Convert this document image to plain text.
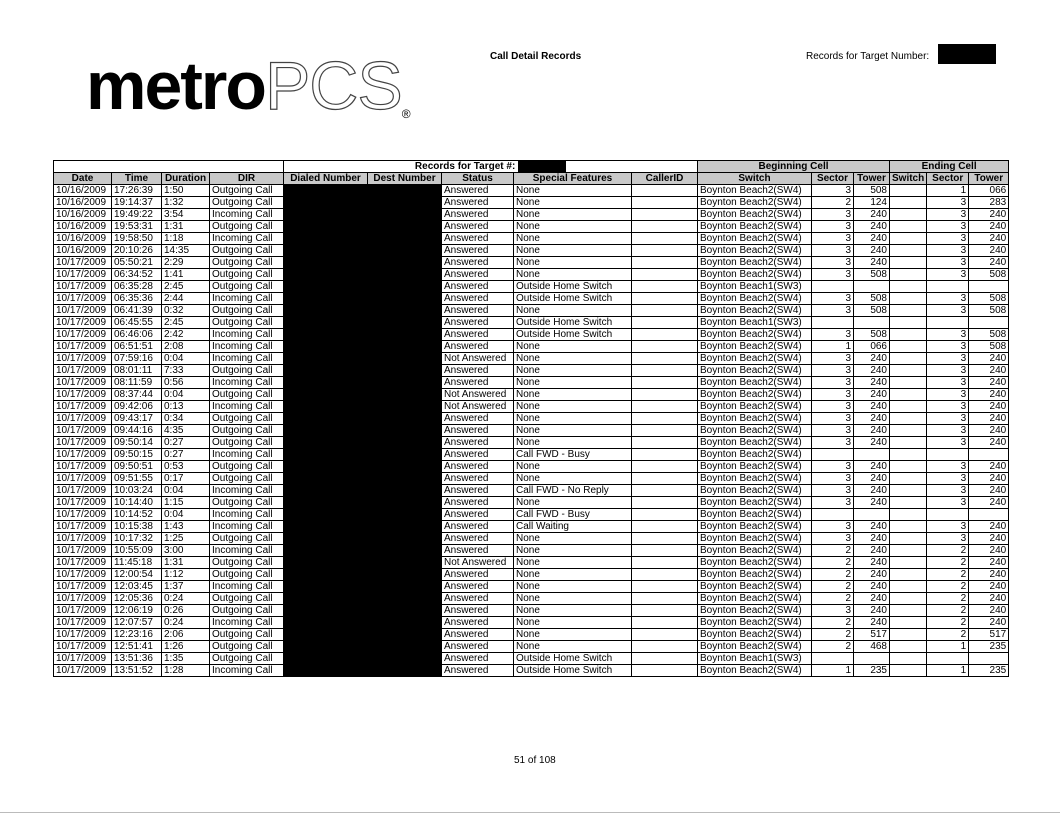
metroPCS®
Call Detail Records	Records for Target Number:
				Records for Target #:					Beginning Cell			Ending Cell		
Date	Time	Duration	DIR	Dialed Number	Dest Number	Status	Special Features	CallerID	Switch	Sector	Tower	Switch	Sector	Tower
10/16/2009	17:26:39	1:50	Outgoing Call			Answered	None		Boynton Beach2(SW4)	3	508		1	066
10/16/2009	19:14:37	1:32	Outgoing Call			Answered	None		Boynton Beach2(SW4)	2	124		3	283
10/16/2009	19:49:22	3:54	Incoming Call			Answered	None		Boynton Beach2(SW4)	3	240		3	240
10/16/2009	19:53:31	1:31	Outgoing Call			Answered	None		Boynton Beach2(SW4)	3	240		3	240
10/16/2009	19:58:50	1:18	Incoming Call			Answered	None		Boynton Beach2(SW4)	3	240		3	240
10/16/2009	20:10:26	14:35	Outgoing Call			Answered	None		Boynton Beach2(SW4)	3	240		3	240
10/17/2009	05:50:21	2:29	Outgoing Call			Answered	None		Boynton Beach2(SW4)	3	240		3	240
10/17/2009	06:34:52	1:41	Outgoing Call			Answered	None		Boynton Beach2(SW4)	3	508		3	508
10/17/2009	06:35:28	2:45	Outgoing Call			Answered	Outside Home Switch		Boynton Beach1(SW3)					
10/17/2009	06:35:36	2:44	Incoming Call			Answered	Outside Home Switch		Boynton Beach2(SW4)	3	508		3	508
10/17/2009	06:41:39	0:32	Outgoing Call			Answered	None		Boynton Beach2(SW4)	3	508		3	508
10/17/2009	06:45:55	2:45	Outgoing Call			Answered	Outside Home Switch		Boynton Beach1(SW3)					
10/17/2009	06:46:06	2:42	Incoming Call			Answered	Outside Home Switch		Boynton Beach2(SW4)	3	508		3	508
10/17/2009	06:51:51	2:08	Incoming Call			Answered	None		Boynton Beach2(SW4)	1	066		3	508
10/17/2009	07:59:16	0:04	Incoming Call			Not Answered	None		Boynton Beach2(SW4)	3	240		3	240
10/17/2009	08:01:11	7:33	Outgoing Call			Answered	None		Boynton Beach2(SW4)	3	240		3	240
10/17/2009	08:11:59	0:56	Incoming Call			Answered	None		Boynton Beach2(SW4)	3	240		3	240
10/17/2009	08:37:44	0:04	Outgoing Call			Not Answered	None		Boynton Beach2(SW4)	3	240		3	240
10/17/2009	09:42:06	0:13	Incoming Call			Not Answered	None		Boynton Beach2(SW4)	3	240		3	240
10/17/2009	09:43:17	0:34	Outgoing Call			Answered	None		Boynton Beach2(SW4)	3	240		3	240
10/17/2009	09:44:16	4:35	Outgoing Call			Answered	None		Boynton Beach2(SW4)	3	240		3	240
10/17/2009	09:50:14	0:27	Outgoing Call			Answered	None		Boynton Beach2(SW4)	3	240		3	240
10/17/2009	09:50:15	0:27	Incoming Call			Answered	Call FWD - Busy		Boynton Beach2(SW4)					
10/17/2009	09:50:51	0:53	Outgoing Call			Answered	None		Boynton Beach2(SW4)	3	240		3	240
10/17/2009	09:51:55	0:17	Outgoing Call			Answered	None		Boynton Beach2(SW4)	3	240		3	240
10/17/2009	10:03:24	0:04	Incoming Call			Answered	Call FWD - No Reply		Boynton Beach2(SW4)	3	240		3	240
10/17/2009	10:14:40	1:15	Outgoing Call			Answered	None		Boynton Beach2(SW4)	3	240		3	240
10/17/2009	10:14:52	0:04	Incoming Call			Answered	Call FWD - Busy		Boynton Beach2(SW4)					
10/17/2009	10:15:38	1:43	Incoming Call			Answered	Call Waiting		Boynton Beach2(SW4)	3	240		3	240
10/17/2009	10:17:32	1:25	Outgoing Call			Answered	None		Boynton Beach2(SW4)	3	240		3	240
10/17/2009	10:55:09	3:00	Incoming Call			Answered	None		Boynton Beach2(SW4)	2	240		2	240
10/17/2009	11:45:18	1:31	Outgoing Call			Not Answered	None		Boynton Beach2(SW4)	2	240		2	240
10/17/2009	12:00:54	1:12	Outgoing Call			Answered	None		Boynton Beach2(SW4)	2	240		2	240
10/17/2009	12:03:45	1:37	Incoming Call			Answered	None		Boynton Beach2(SW4)	2	240		2	240
10/17/2009	12:05:36	0:24	Outgoing Call			Answered	None		Boynton Beach2(SW4)	2	240		2	240
10/17/2009	12:06:19	0:26	Outgoing Call			Answered	None		Boynton Beach2(SW4)	3	240		2	240
10/17/2009	12:07:57	0:24	Incoming Call			Answered	None		Boynton Beach2(SW4)	2	240		2	240
10/17/2009	12:23:16	2:06	Outgoing Call			Answered	None		Boynton Beach2(SW4)	2	517		2	517
10/17/2009	12:51:41	1:26	Outgoing Call			Answered	None		Boynton Beach2(SW4)	2	468		1	235
10/17/2009	13:51:36	1:35	Outgoing Call			Answered	Outside Home Switch		Boynton Beach1(SW3)					
10/17/2009	13:51:52	1:28	Incoming Call			Answered	Outside Home Switch		Boynton Beach2(SW4)	1	235		1	235
51 of 108
